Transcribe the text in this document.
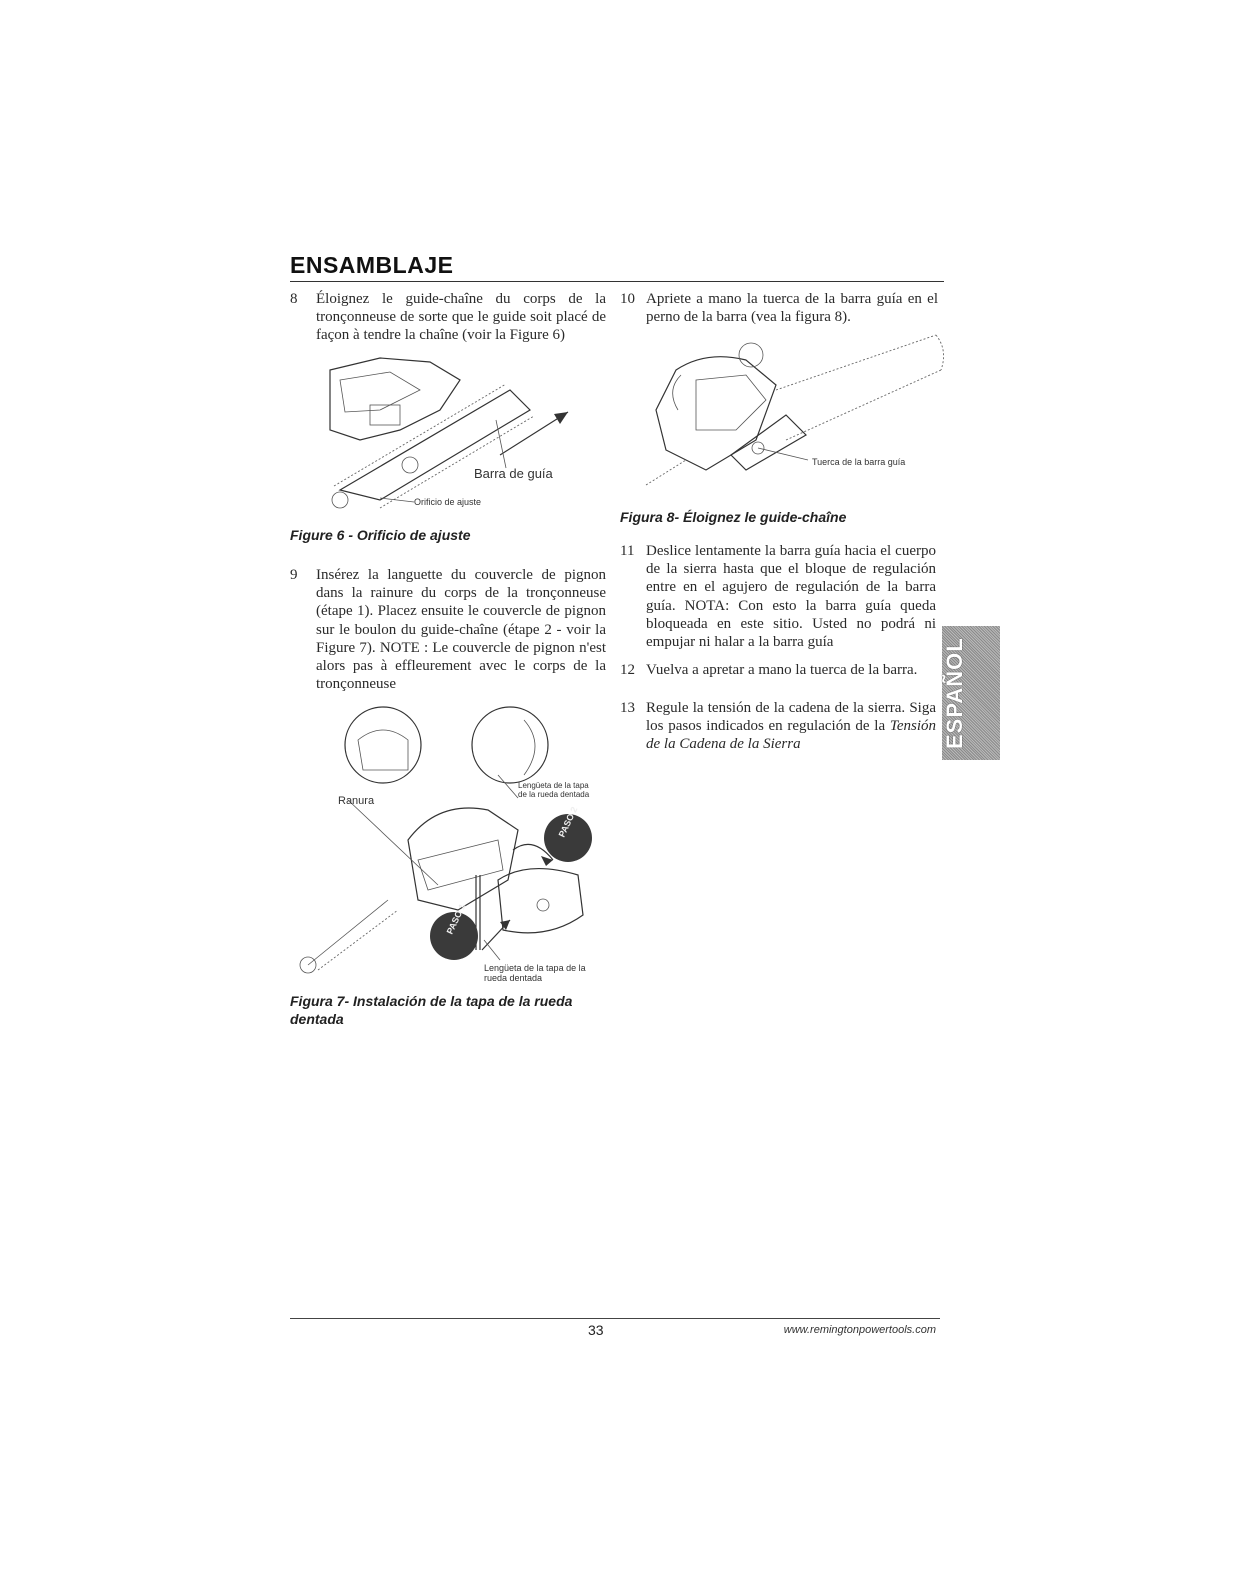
ENSAMBLAJE
8 Éloignez le guide-chaîne du corps de la tronçonneuse de sorte que le guide soit placé de façon à tendre la chaîne (voir la Figure 6)
Barra de guía
Orificio de ajuste
Figure 6 - Orificio de ajuste
9 Insérez la languette du couvercle de pignon dans la rainure du corps de la tronçonneuse (étape 1). Placez ensuite le couvercle de pignon sur le boulon du guide-chaîne (étape 2 - voir la Figure 7). NOTE : Le couvercle de pignon n'est alors pas à effleurement avec le corps de la tronçonneuse
PASO 1
PASO 2
Ranura
Lengüeta de la tapa de la rueda dentada
Lengüeta de la tapa de la rueda dentada
Figura 7- Instalación de la tapa de la rueda dentada
10 Apriete a mano la tuerca de la barra guía en el perno de la barra (vea la figura 8).
Tuerca de la barra guía
Figura 8- Éloignez le guide-chaîne
11 Deslice lentamente la barra guía hacia el cuerpo de la sierra hasta que el bloque de regulación entre en el agujero de regulación de la barra guía. NOTA: Con esto la barra guía queda bloqueada en este sitio. Usted no podrá ni empujar ni halar a la barra guía
12 Vuelva a apretar a mano la tuerca de la barra.
13 Regule la tensión de la cadena de la sierra. Siga los pasos indicados en regulación de la Tensión de la Cadena de la Sierra	ESPAÑOL
33	www.remingtonpowertools.com
